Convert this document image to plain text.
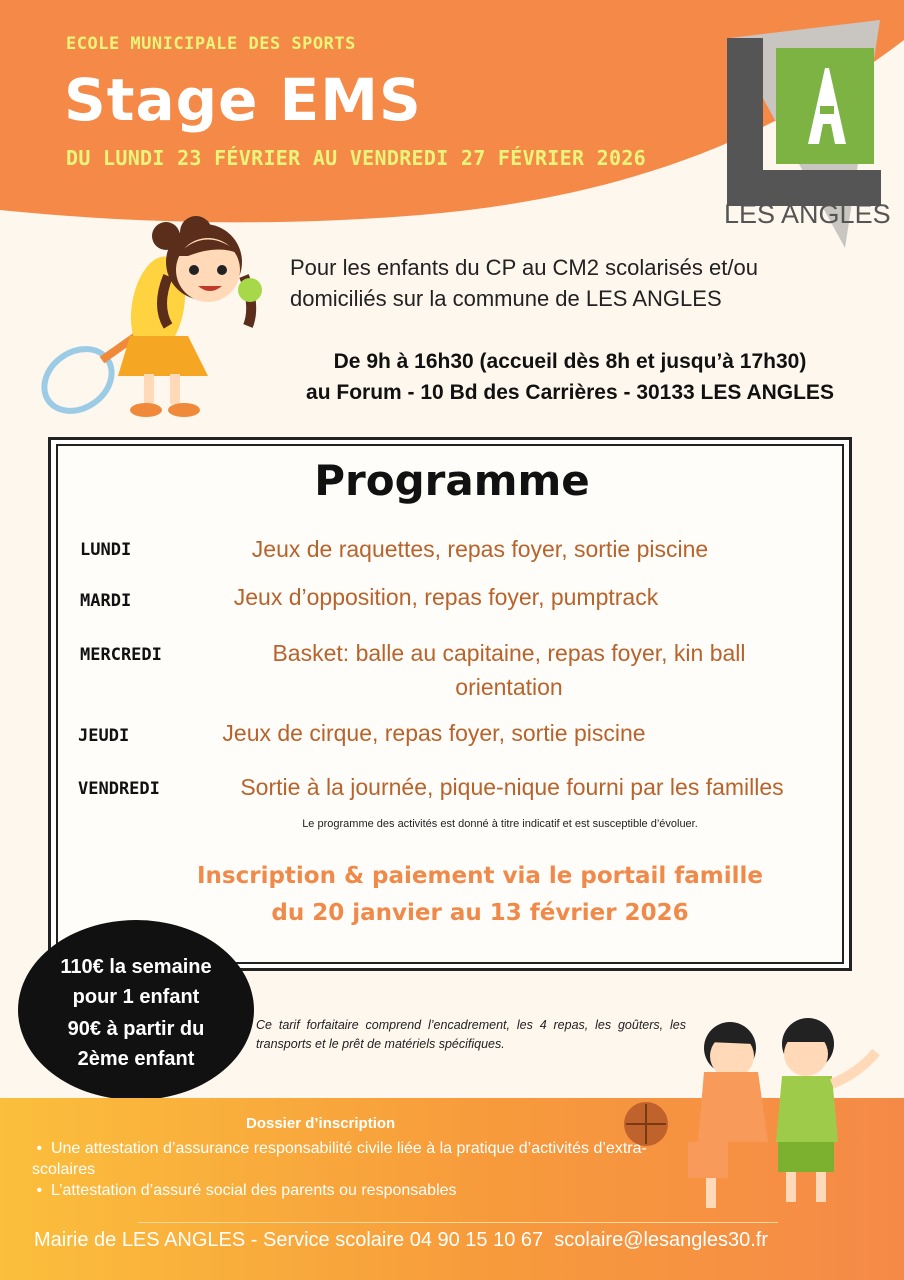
ECOLE MUNICIPALE DES SPORTS
Stage EMS
DU LUNDI 23 FÉVRIER AU VENDREDI 27 FÉVRIER 2026
LES ANGLES
Pour les enfants du CP au CM2 scolarisés et/ou
domiciliés sur la commune de LES ANGLES
De 9h à 16h30 (accueil dès 8h et jusqu’à 17h30)
au Forum - 10 Bd des Carrières - 30133 LES ANGLES
Programme
LUNDI	Jeux de raquettes, repas foyer, sortie piscine
MARDI	Jeux d’opposition, repas foyer, pumptrack
MERCREDI	Basket: balle au capitaine, repas foyer, kin ball
orientation
JEUDI	Jeux de cirque, repas foyer, sortie piscine
VENDREDI	Sortie à la journée, pique-nique fourni par les familles
Le programme des activités est donné à titre indicatif et est susceptible d’évoluer.
Inscription & paiement via le portail famille
du 20 janvier au 13 février 2026
110€ la semaine
pour 1 enfant
90€ à partir du
2ème enfant
Ce tarif forfaitaire comprend l’encadrement, les 4 repas, les goûters, les transports et le prêt de matériels spécifiques.
Dossier d’inscription
•  Une attestation d’assurance responsabilité civile liée à la pratique d’activités d’extra-scolaires
•  L’attestation d’assuré social des parents ou responsables
Mairie de LES ANGLES - Service scolaire 04 90 15 10 67  scolaire@lesangles30.fr
